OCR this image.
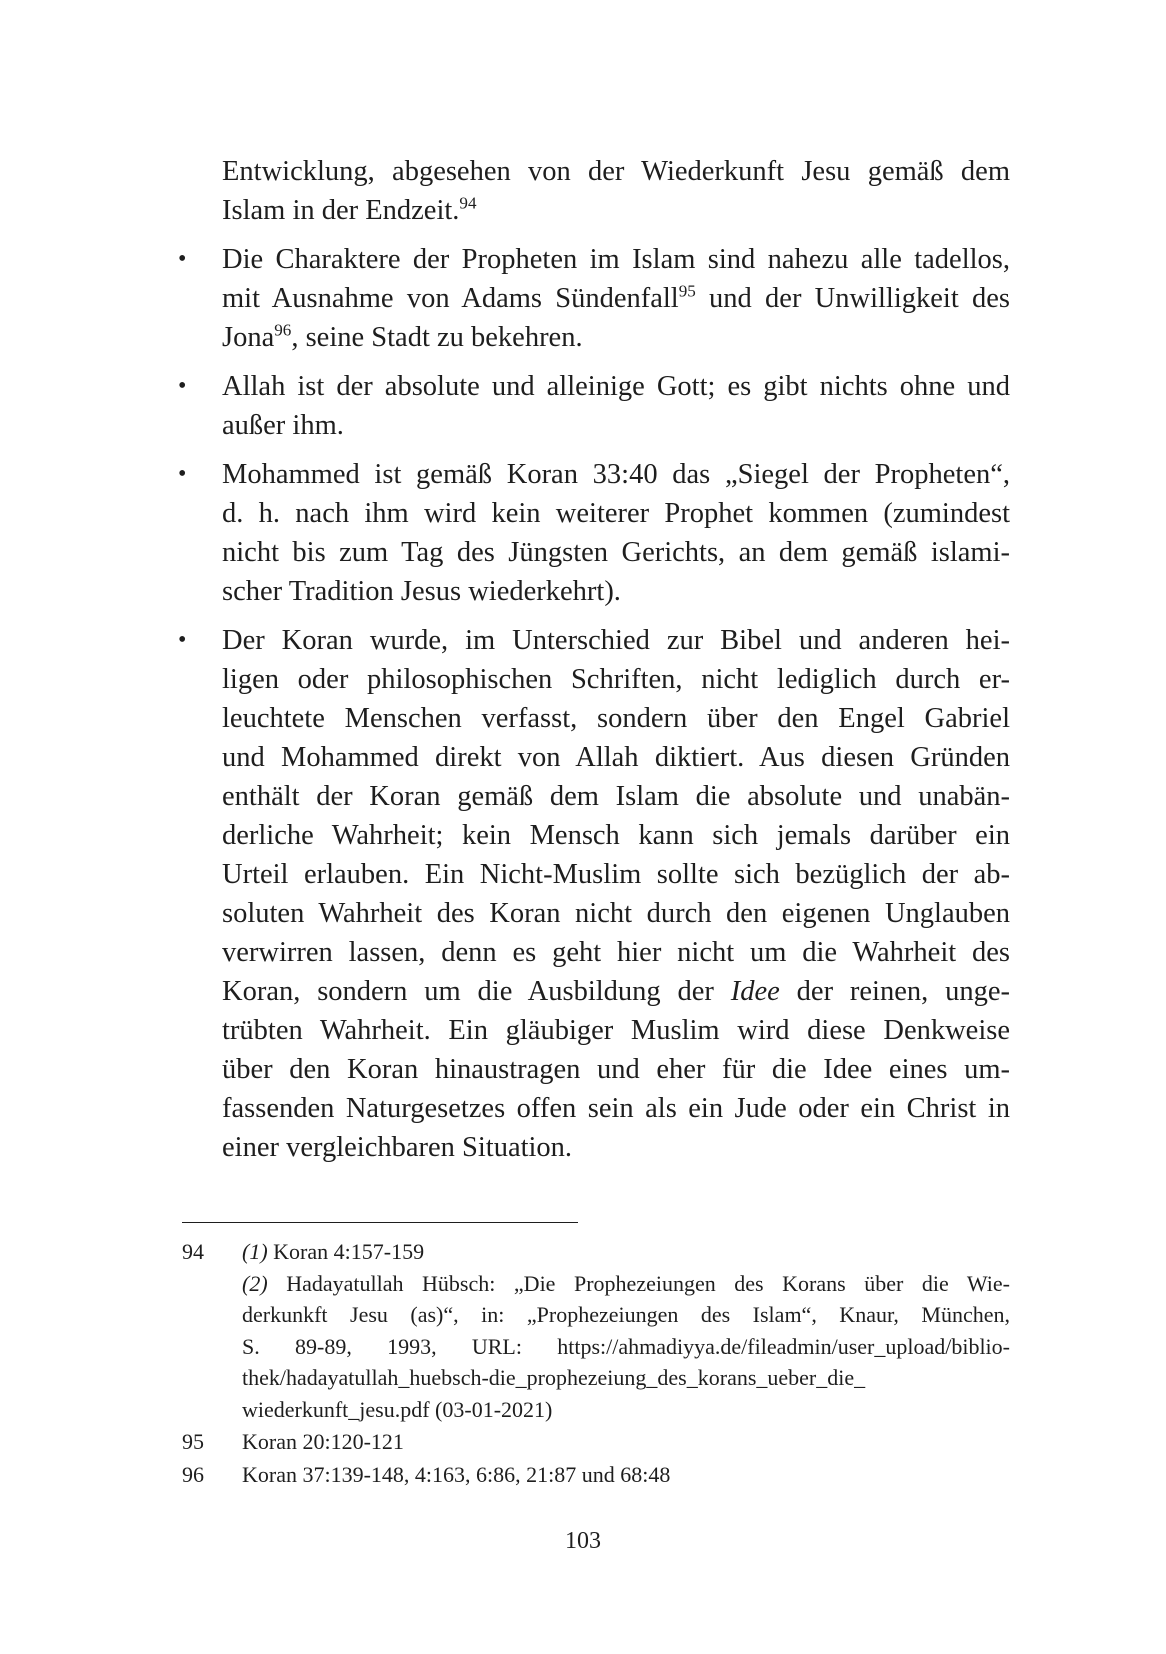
Entwicklung, abgesehen von der Wiederkunft Jesu gemäß dem
Islam in der Endzeit.$^{94}$
•	Die Charaktere der Propheten im Islam sind nahezu alle tadellos,
mit Ausnahme von Adams Sündenfall$^{95}$ und der Unwilligkeit des
Jona$^{96}$, seine Stadt zu bekehren.
•	Allah ist der absolute und alleinige Gott; es gibt nichts ohne und
außer ihm.
•	Mohammed ist gemäß Koran 33:40 das „Siegel der Propheten“,
d. h. nach ihm wird kein weiterer Prophet kommen (zumindest
nicht bis zum Tag des Jüngsten Gerichts, an dem gemäß islami-
scher Tradition Jesus wiederkehrt).
•	Der Koran wurde, im Unterschied zur Bibel und anderen hei-
ligen oder philosophischen Schriften, nicht lediglich durch er-
leuchtete Menschen verfasst, sondern über den Engel Gabriel
und Mohammed direkt von Allah diktiert. Aus diesen Gründen
enthält der Koran gemäß dem Islam die absolute und unabän-
derliche Wahrheit; kein Mensch kann sich jemals darüber ein
Urteil erlauben. Ein Nicht-Muslim sollte sich bezüglich der ab-
soluten Wahrheit des Koran nicht durch den eigenen Unglauben
verwirren lassen, denn es geht hier nicht um die Wahrheit des
Koran, sondern um die Ausbildung der Idee der reinen, unge-
trübten Wahrheit. Ein gläubiger Muslim wird diese Denkweise
über den Koran hinaustragen und eher für die Idee eines um-
fassenden Naturgesetzes offen sein als ein Jude oder ein Christ in
einer vergleichbaren Situation.
94 (1) Koran 4:157-159
(2) Hadayatullah Hübsch: „Die Prophezeiungen des Korans über die Wie-
derkunkft Jesu (as)“, in: „Prophezeiungen des Islam“, Knaur, München,
S. 89-89, 1993, URL: https://ahmadiyya.de/fileadmin/user_upload/biblio-
thek/hadayatullah_huebsch-die_prophezeiung_des_korans_ueber_die_
wiederkunft_jesu.pdf (03-01-2021)
95 Koran 20:120-121
96 Koran 37:139-148, 4:163, 6:86, 21:87 und 68:48
103
